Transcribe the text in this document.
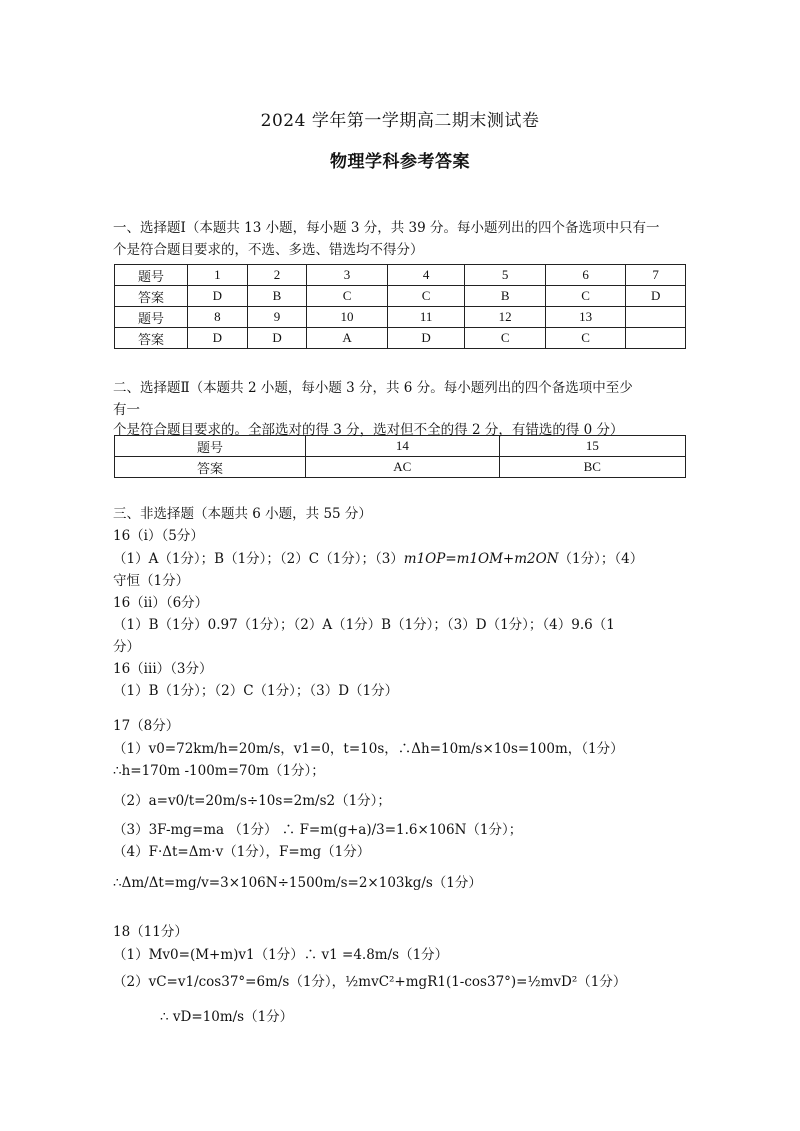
2024 学年第一学期高二期末测试卷
物理学科参考答案
一、选择题Ⅰ（本题共 13 小题，每小题 3 分，共 39 分。每小题列出的四个备选项中只有一
个是符合题目要求的，不选、多选、错选均不得分）
题号	1	2	3	4	5	6	7
答案	D	B	C	C	B	C	D
题号	8	9	10	11	12	13	
答案	D	D	A	D	C	C	
二、选择题Ⅱ（本题共 2 小题，每小题 3 分，共 6 分。每小题列出的四个备选项中至少
有一
个是符合题目要求的。全部选对的得 3 分，选对但不全的得 2 分，有错选的得 0 分）
题号	14	15
答案	AC	BC
三、非选择题（本题共 6 小题，共 55 分）
16（i）（5分）
（1）A（1分）；B（1分）；（2）C（1分）；（3）m1OP=m1OM+m2ON（1分）；（4）
守恒（1分）
16（ii）（6分）
（1）B（1分）0.97（1分）；（2）A（1分）B（1分）；（3）D（1分）；（4）9.6（1
分）
16（iii）（3分）
（1）B（1分）；（2）C（1分）；（3）D（1分）
17（8分）
（1）v0=72km/h=20m/s，v1=0，t=10s，∴Δh=10m/s×10s=100m，（1分）
∴h=170m -100m=70m（1分）；
（2）a=v0/t=20m/s÷10s=2m/s2（1分）；
（3）3F-mg=ma （1分） ∴ F=m(g+a)/3=1.6×106N（1分）；
（4）F·Δt=Δm·v（1分），F=mg（1分）
∴Δm/Δt=mg/v=3×106N÷1500m/s=2×103kg/s（1分）
18（11分）
（1）Mv0=(M+m)v1（1分）∴ v1 =4.8m/s（1分）
（2）vC=v1/cos37°=6m/s（1分），½mvC²+mgR1(1-cos37°)=½mvD²（1分）
∴ vD=10m/s（1分）
